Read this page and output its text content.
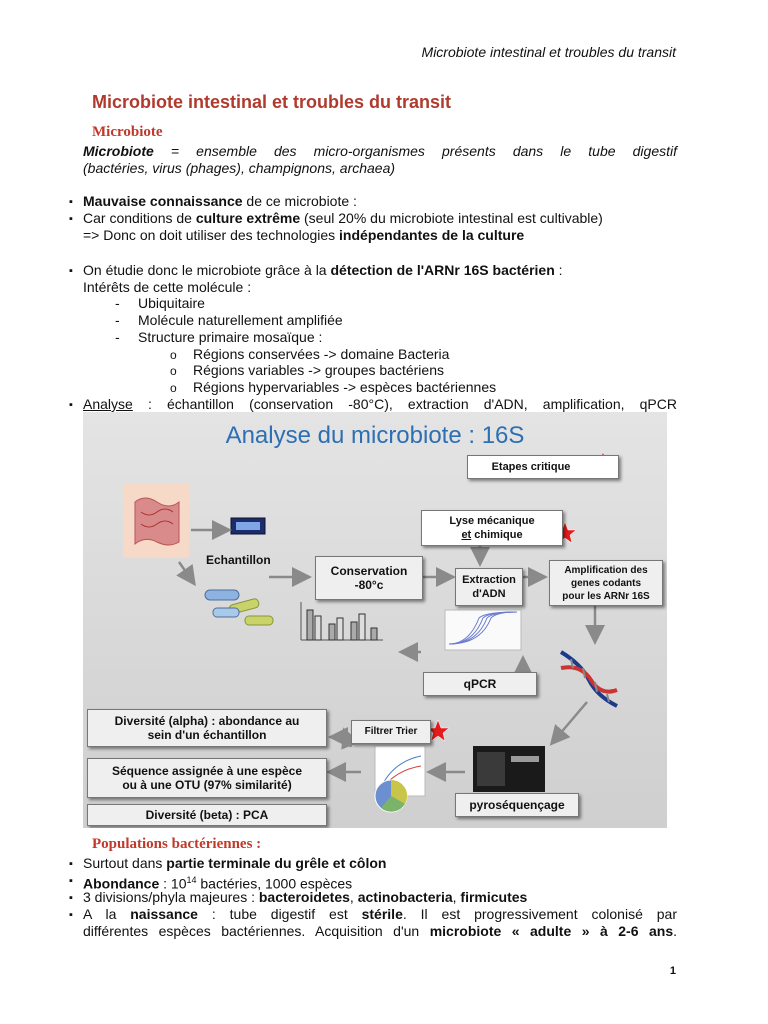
Microbiote intestinal et troubles du transit
Microbiote intestinal et troubles du transit
Microbiote
Microbiote = ensemble des micro-organismes présents dans le tube digestif
(bactéries, virus (phages), champignons, archaea)
▪ Mauvaise connaissance de ce microbiote :
▪ Car conditions de culture extrême (seul 20% du microbiote intestinal est cultivable)
=> Donc on doit utiliser des technologies indépendantes de la culture
▪ On étudie donc le microbiote grâce à la détection de l'ARNr 16S bactérien :
Intérêts de cette molécule :
- Ubiquitaire
- Molécule naturellement amplifiée
- Structure primaire mosaïque :
o Régions conservées -> domaine Bacteria
o Régions variables -> groupes bactériens
o Régions hypervariables -> espèces bactériennes
▪ Analyse : échantillon (conservation -80°C), extraction d'ADN, amplification, qPCR
Analyse du microbiote : 16S
Etapes critique
Echantillon
Lyse mécanique
et chimique
Conservation
-80°c	Extraction
d'ADN
Amplification des
genes codants
pour les ARNr 16S
qPCR
Diversité (alpha) : abondance au
sein d'un échantillon	Filtrer Trier
Séquence assignée à une espèce
ou à une OTU (97% similarité)
Diversité (beta) : PCA
pyroséquençage
Populations bactériennes :
▪ Surtout dans partie terminale du grêle et côlon
▪ Abondance : $10^{14}$ bactéries, 1000 espèces
▪ 3 divisions/phyla majeures : bacteroidetes, actinobacteria, firmicutes
▪ A la naissance : tube digestif est stérile. Il est progressivement colonisé par
différentes espèces bactériennes. Acquisition d'un microbiote « adulte » à 2-6 ans.
1
